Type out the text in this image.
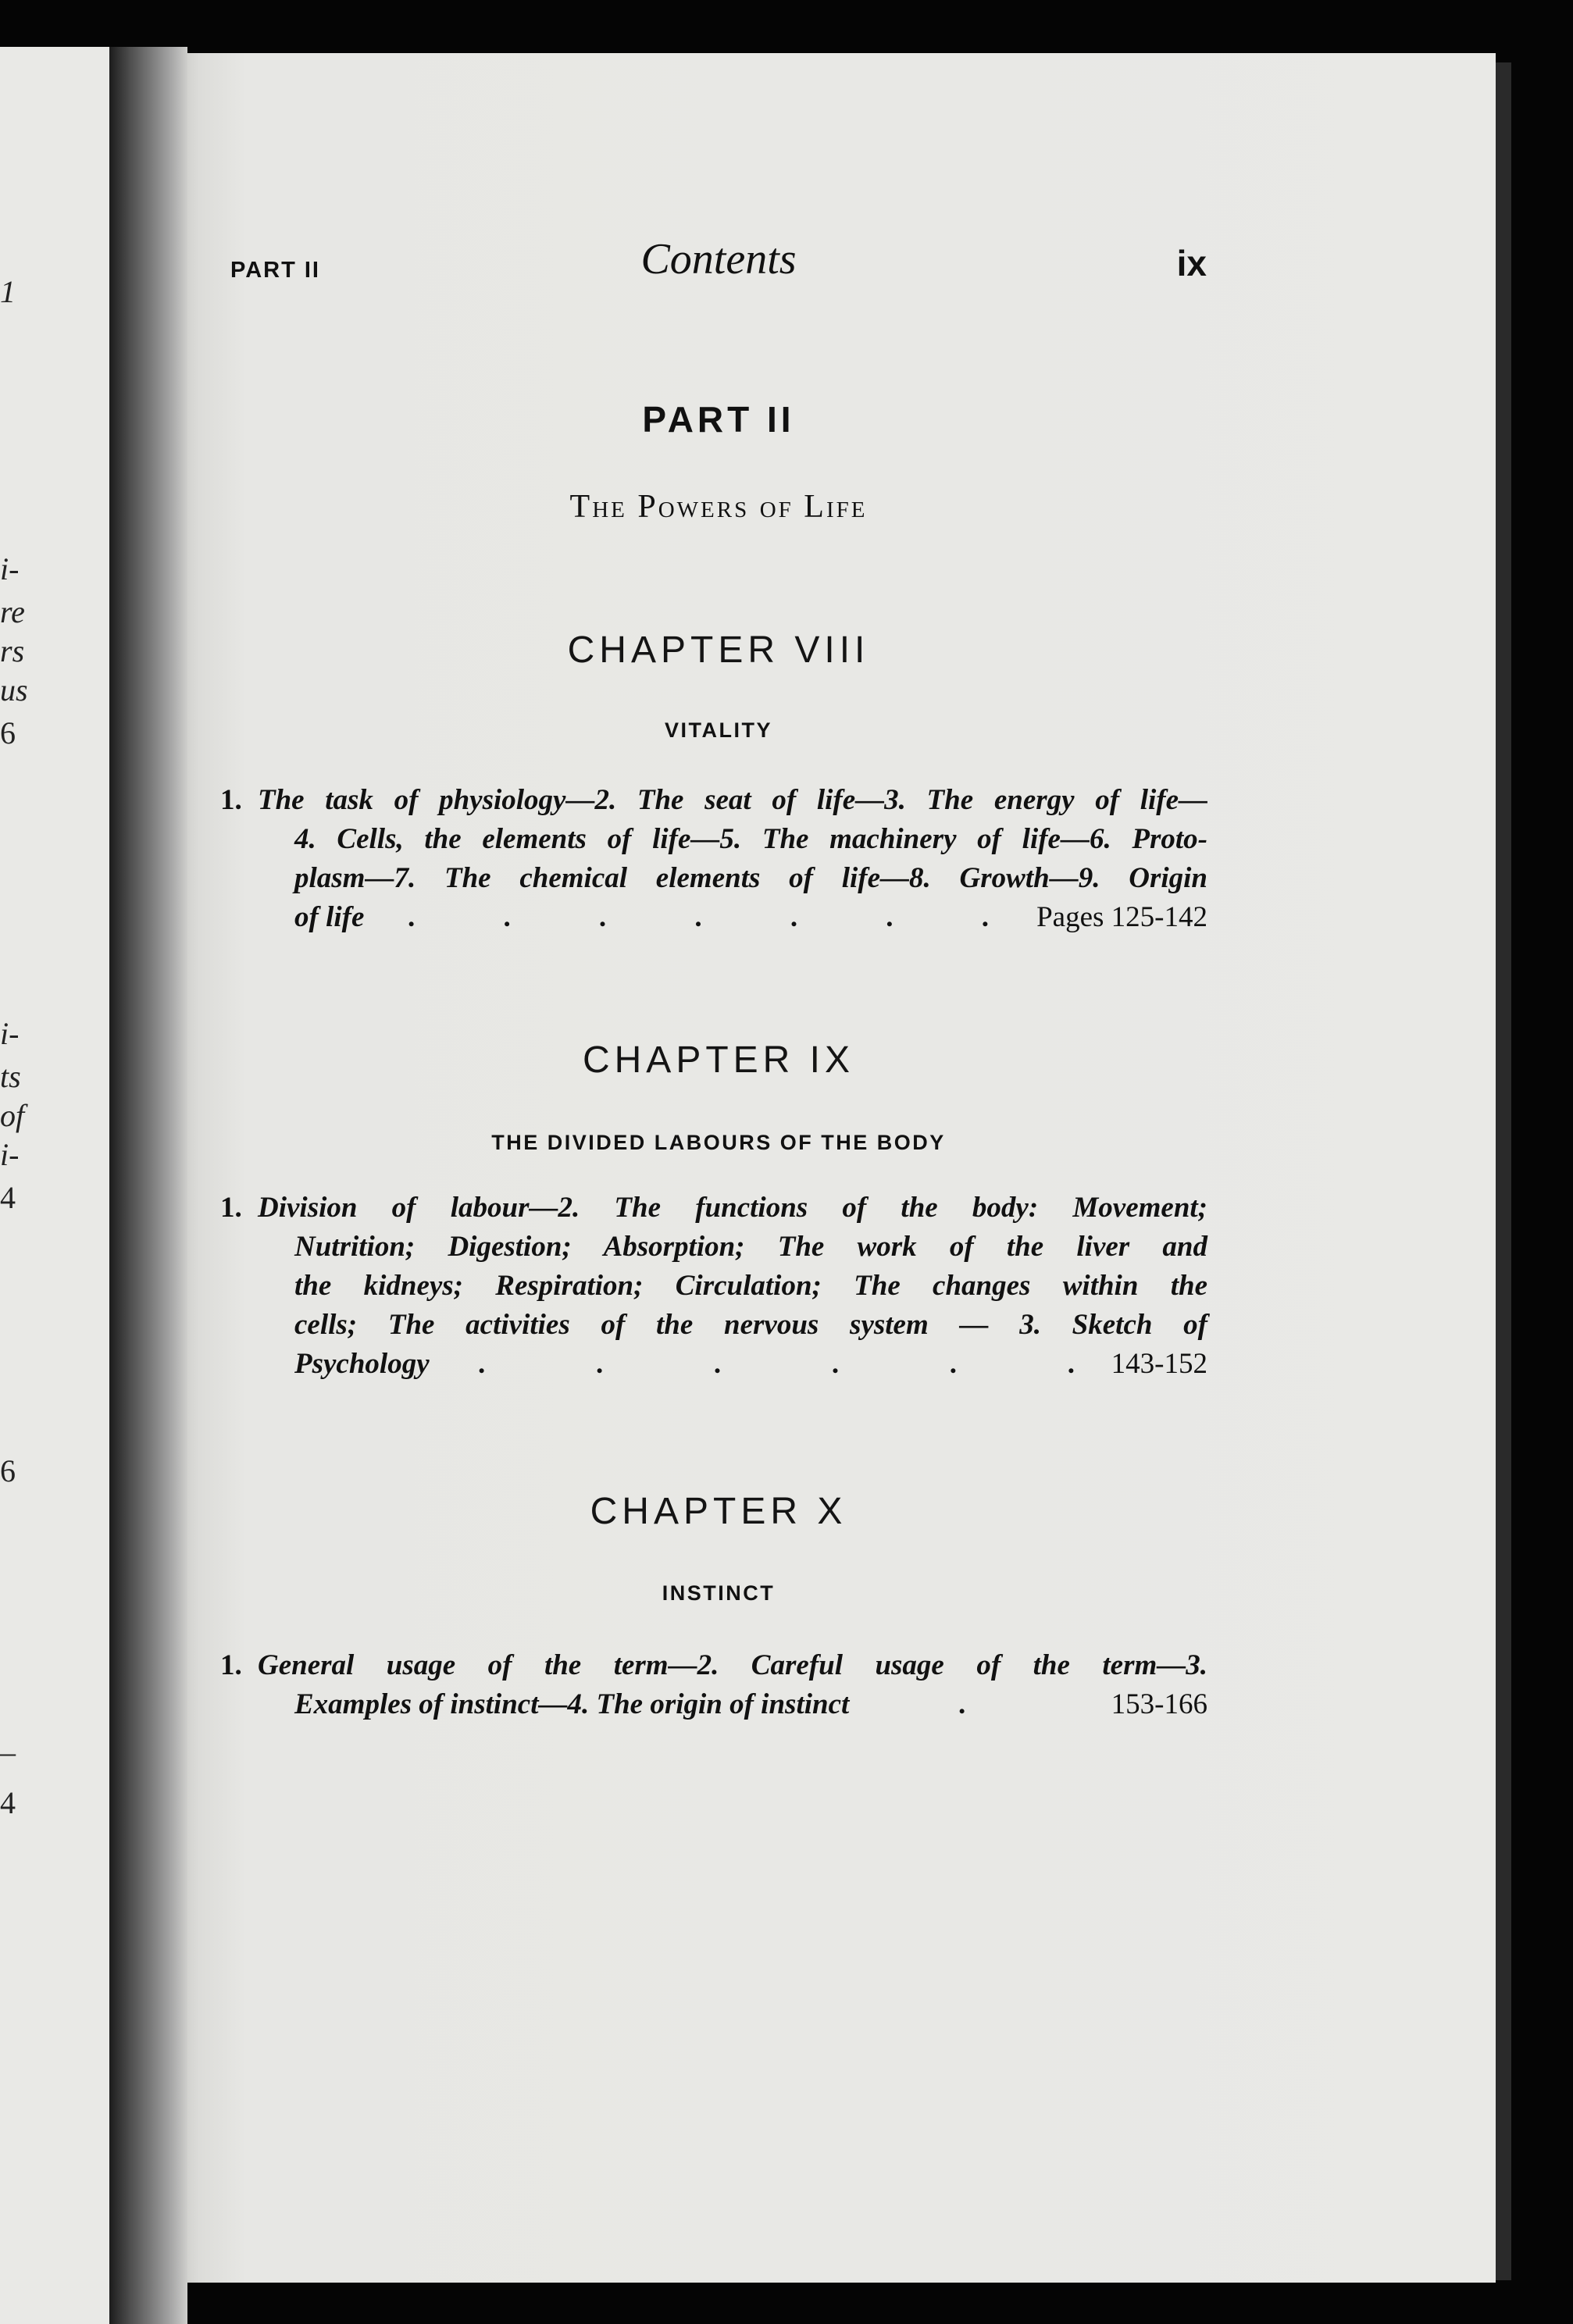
1
i-
re
rs
us
6
i-
ts
of
i-
4
6
–
4
PART II	Contents	ix
PART II
The Powers of Life
CHAPTER VIII
VITALITY
1. The task of physiology—2. The seat of life—3. The energy of life—
4. Cells, the elements of life—5. The machinery of life—6. Proto-
plasm—7. The chemical elements of life—8. Growth—9. Origin
of life .	.	.	.	.	.	. Pages 125-142
CHAPTER IX
THE DIVIDED LABOURS OF THE BODY
1. Division of labour—2. The functions of the body: Movement;
Nutrition; Digestion; Absorption; The work of the liver and
the kidneys; Respiration; Circulation; The changes within the
cells; The activities of the nervous system — 3. Sketch of
Psychology .	.	.	.	.	. 143-152
CHAPTER X
INSTINCT
1. General usage of the term—2. Careful usage of the term—3.
Examples of instinct—4. The origin of instinct	.	153-166
